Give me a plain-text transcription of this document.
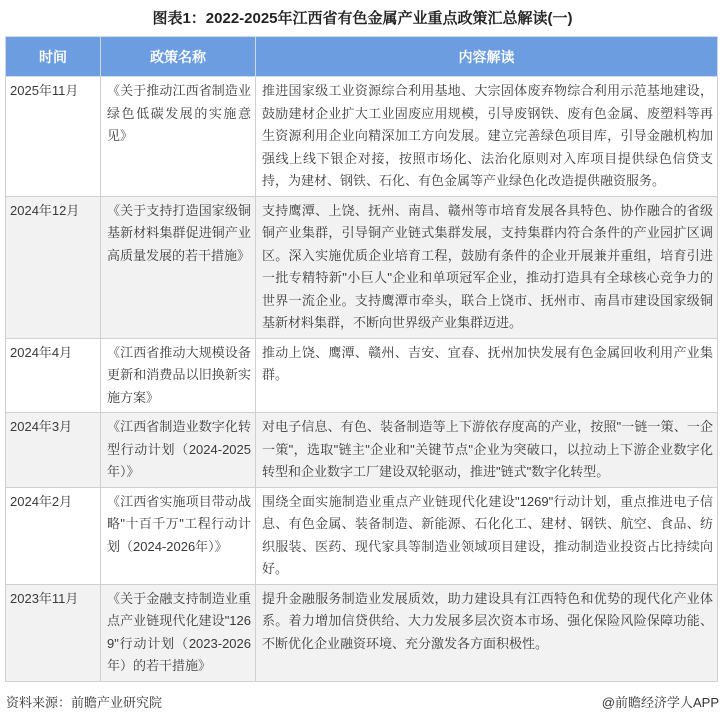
图表1：2022-2025年江西省有色金属产业重点政策汇总解读(一)
时间	政策名称	内容解读
2025年11月	《关于推动江西省制造业绿色低碳发展的实施意见》	推进国家级工业资源综合利用基地、大宗固体废弃物综合利用示范基地建设，鼓励建材企业扩大工业固废应用规模，引导废钢铁、废有色金属、废塑料等再生资源利用企业向精深加工方向发展。建立完善绿色项目库，引导金融机构加强线上线下银企对接，按照市场化、法治化原则对入库项目提供绿色信贷支持，为建材、钢铁、石化、有色金属等产业绿色化改造提供融资服务。
2024年12月	《关于支持打造国家级铜基新材料集群促进铜产业高质量发展的若干措施》	支持鹰潭、上饶、抚州、南昌、赣州等市培育发展各具特色、协作融合的省级铜产业集群，引导铜产业链式集群发展，支持集群内符合条件的产业园扩区调区。深入实施优质企业培育工程，鼓励有条件的企业开展兼并重组，培育引进一批专精特新"小巨人"企业和单项冠军企业，推动打造具有全球核心竞争力的世界一流企业。支持鹰潭市牵头，联合上饶市、抚州市、南昌市建设国家级铜基新材料集群，不断向世界级产业集群迈进。
2024年4月	《江西省推动大规模设备更新和消费品以旧换新实施方案》	推动上饶、鹰潭、赣州、吉安、宜春、抚州加快发展有色金属回收利用产业集群。
2024年3月	《江西省制造业数字化转型行动计划（2024-2025年）》	对电子信息、有色、装备制造等上下游依存度高的产业，按照"一链一策、一企一策"，选取"链主"企业和"关键节点"企业为突破口，以拉动上下游企业数字化转型和企业数字工厂建设双轮驱动，推进"链式"数字化转型。
2024年2月	《江西省实施项目带动战略"十百千万"工程行动计划（2024-2026年）》	围绕全面实施制造业重点产业链现代化建设"1269"行动计划，重点推进电子信息、有色金属、装备制造、新能源、石化化工、建材、钢铁、航空、食品、纺织服装、医药、现代家具等制造业领域项目建设，推动制造业投资占比持续向好。
2023年11月	《关于金融支持制造业重点产业链现代化建设"1269"行动计划（2023-2026年）的若干措施》	提升金融服务制造业发展质效，助力建设具有江西特色和优势的现代化产业体系。着力增加信贷供给、大力发展多层次资本市场、强化保险风险保障功能、不断优化企业融资环境、充分激发各方面积极性。
资料来源：前瞻产业研究院	@前瞻经济学人APP
